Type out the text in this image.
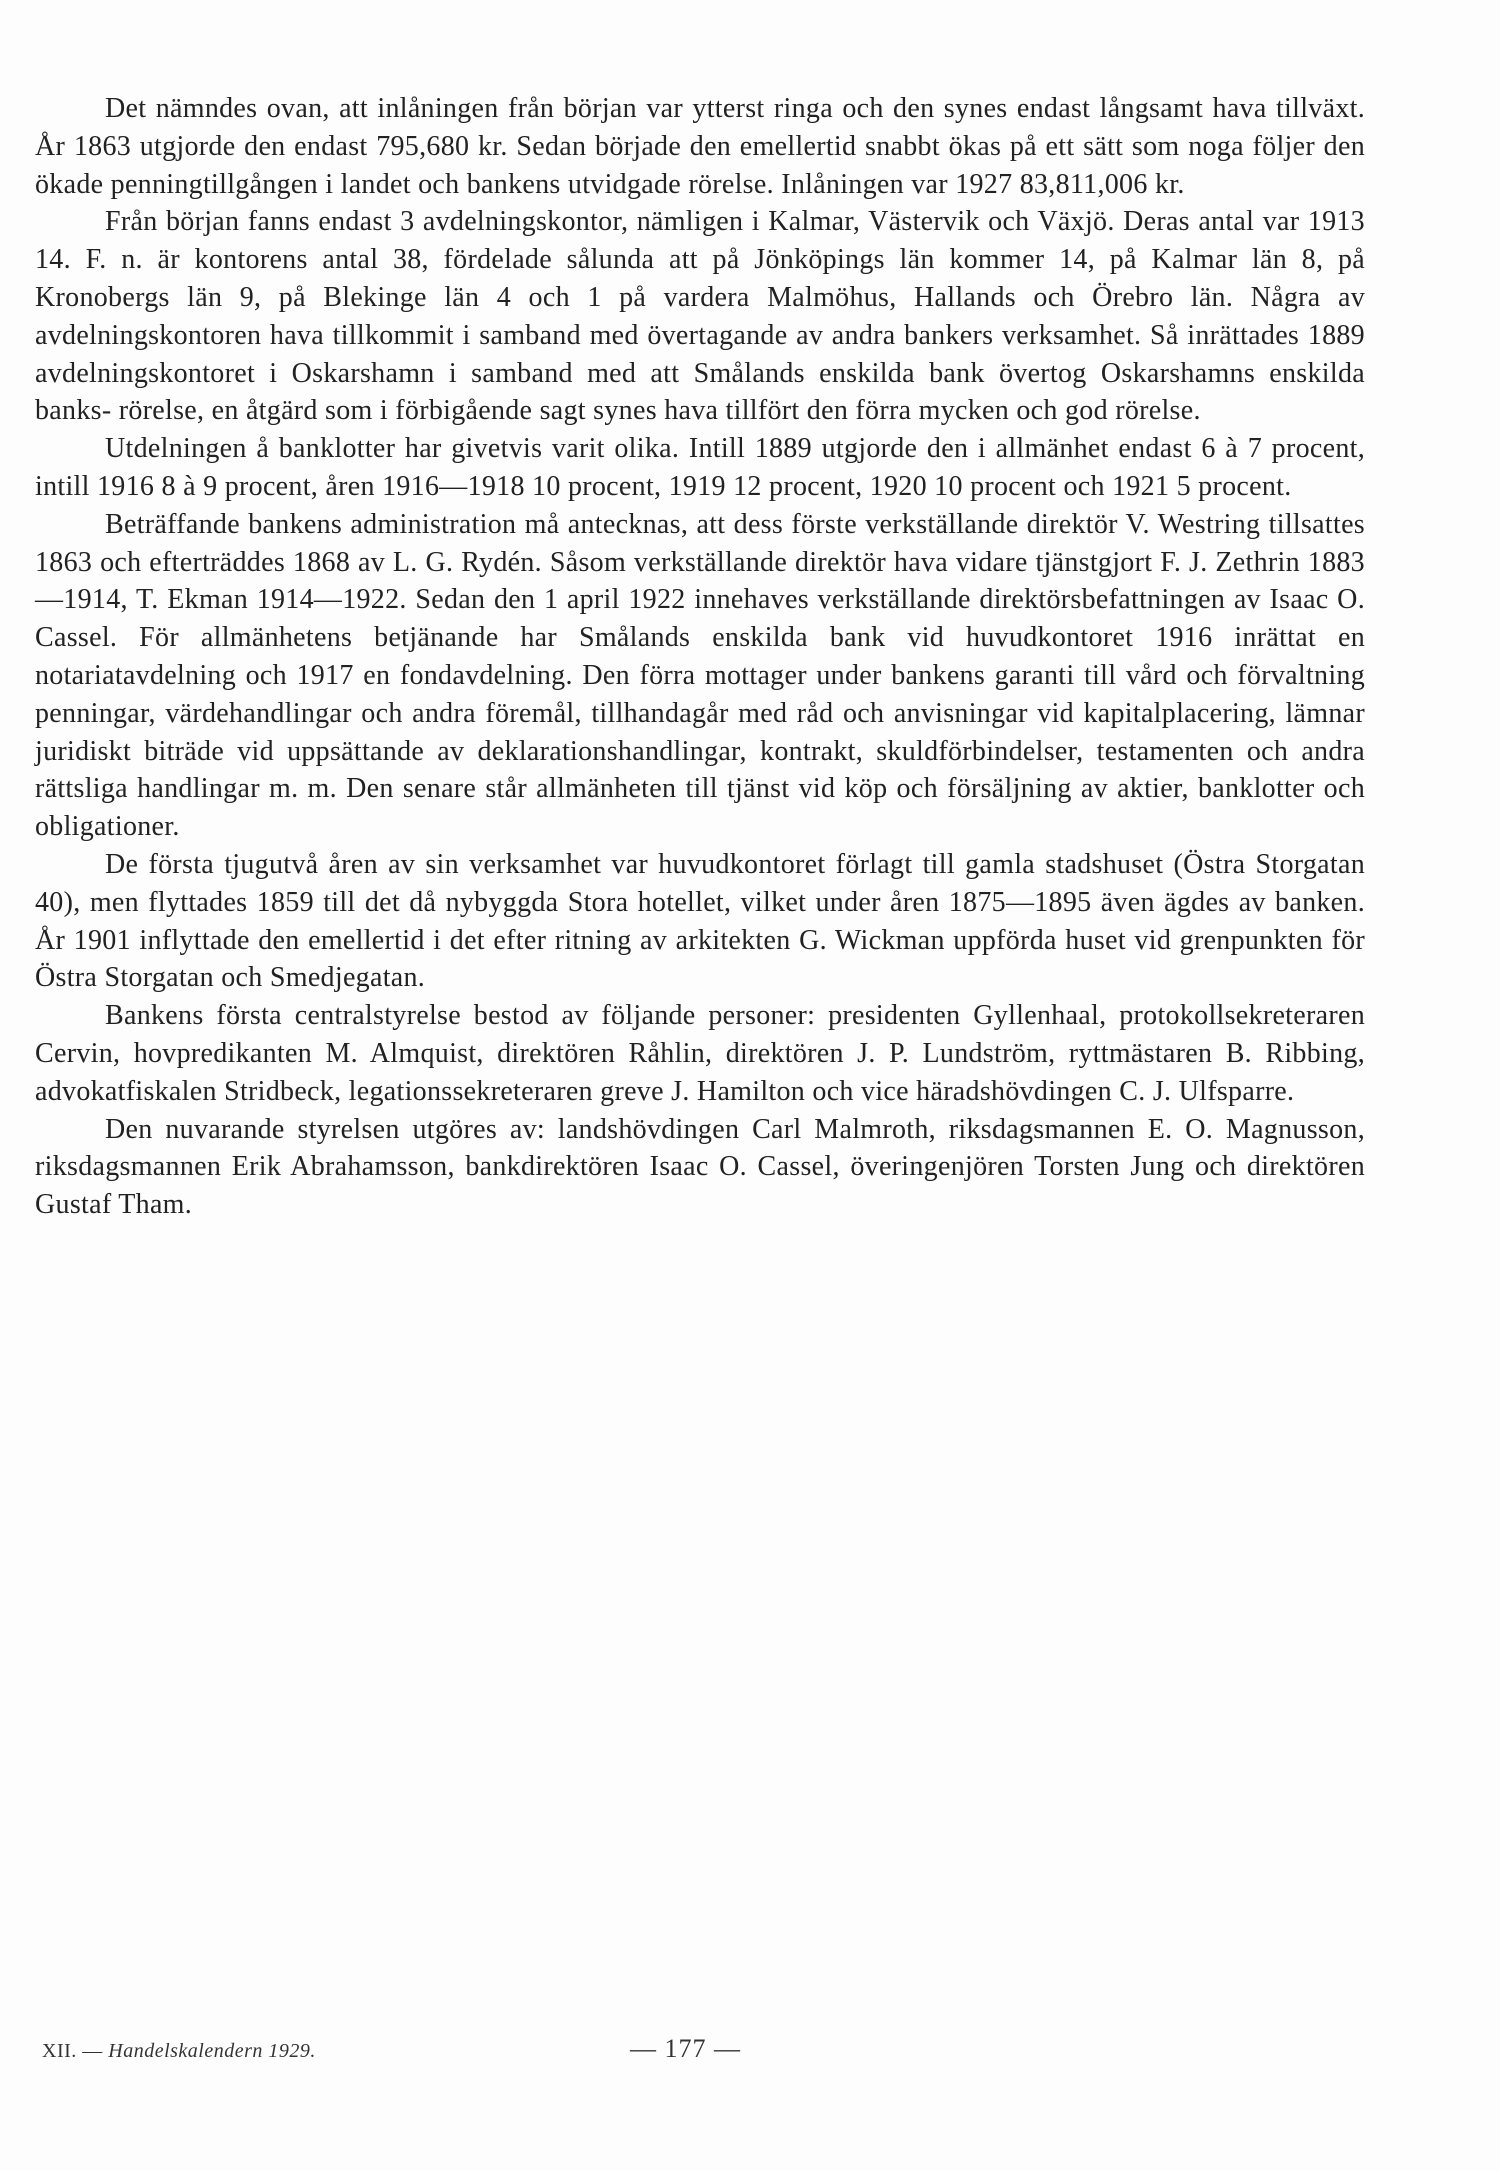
Det nämndes ovan, att inlåningen från början var ytterst ringa och den synes endast långsamt hava tillväxt. År 1863 utgjorde den endast 795,680 kr. Sedan började den emellertid snabbt ökas på ett sätt som noga följer den ökade penningtillgången i landet och bankens utvidgade rörelse. Inlåningen var 1927 83,811,006 kr.

Från början fanns endast 3 avdelningskontor, nämligen i Kalmar, Västervik och Växjö. Deras antal var 1913 14. F. n. är kontorens antal 38, fördelade sålunda att på Jönköpings län kommer 14, på Kalmar län 8, på Kronobergs län 9, på Blekinge län 4 och 1 på vardera Malmöhus, Hallands och Örebro län. Några av avdelningskontoren hava tillkommit i samband med övertagande av andra bankers verksamhet. Så inrättades 1889 avdelningskontoret i Oskarshamn i samband med att Smålands enskilda bank övertog Oskarshamns enskilda banks- rörelse, en åtgärd som i förbigående sagt synes hava tillfört den förra mycken och god rörelse.

Utdelningen å banklotter har givetvis varit olika. Intill 1889 utgjorde den i allmänhet endast 6 à 7 procent, intill 1916 8 à 9 procent, åren 1916—1918 10 procent, 1919 12 procent, 1920 10 procent och 1921 5 procent.

Beträffande bankens administration må antecknas, att dess förste verkställande direktör V. Westring tillsattes 1863 och efterträddes 1868 av L. G. Rydén. Såsom verkställande direktör hava vidare tjänstgjort F. J. Zethrin 1883—1914, T. Ekman 1914—1922. Sedan den 1 april 1922 innehaves verkställande direktörsbefattningen av Isaac O. Cassel. För allmänhetens betjänande har Smålands enskilda bank vid huvudkontoret 1916 inrättat en notariatavdelning och 1917 en fondavdelning. Den förra mottager under bankens garanti till vård och förvaltning penningar, värdehandlingar och andra föremål, tillhandagår med råd och anvisningar vid kapitalplacering, lämnar juridiskt biträde vid uppsättande av deklarationshandlingar, kontrakt, skuldförbindelser, testamenten och andra rättsliga handlingar m. m. Den senare står allmänheten till tjänst vid köp och försäljning av aktier, banklotter och obligationer.

De första tjugutvå åren av sin verksamhet var huvudkontoret förlagt till gamla stadshuset (Östra Storgatan 40), men flyttades 1859 till det då nybyggda Stora hotellet, vilket under åren 1875—1895 även ägdes av banken. År 1901 inflyttade den emellertid i det efter ritning av arkitekten G. Wickman uppförda huset vid grenpunkten för Östra Storgatan och Smedjegatan.

Bankens första centralstyrelse bestod av följande personer: presidenten Gyllenhaal, protokollsekreteraren Cervin, hovpredikanten M. Almquist, direktören Råhlin, direktören J. P. Lundström, ryttmästaren B. Ribbing, advokatfiskalen Stridbeck, legationssekreteraren greve J. Hamilton och vice häradshövdingen C. J. Ulfsparre.

Den nuvarande styrelsen utgöres av: landshövdingen Carl Malmroth, riksdagsmannen E. O. Magnusson, riksdagsmannen Erik Abrahamsson, bankdirektören Isaac O. Cassel, överingenjören Torsten Jung och direktören Gustaf Tham.

XII. — Handelskalendern 1929.	— 177 —
